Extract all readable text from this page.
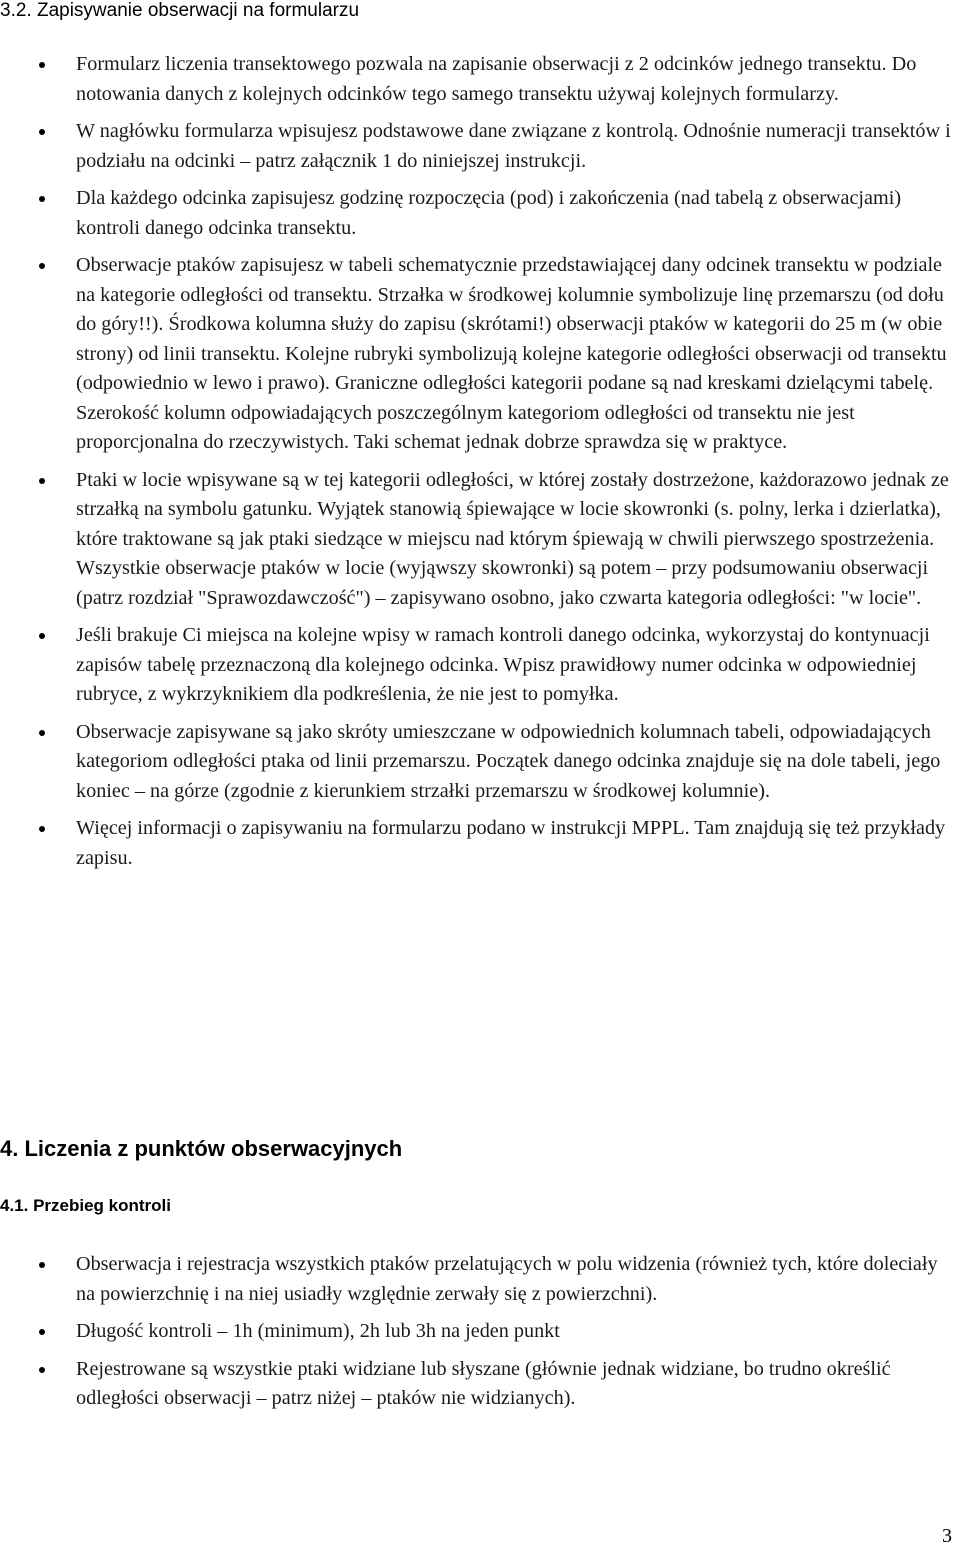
3.2. Zapisywanie obserwacji na formularzu
Formularz liczenia transektowego pozwala na zapisanie obserwacji z 2 odcinków jednego transektu. Do notowania danych z kolejnych odcinków tego samego transektu używaj kolejnych formularzy.
W nagłówku formularza wpisujesz podstawowe dane związane z kontrolą. Odnośnie numeracji transektów i podziału na odcinki – patrz załącznik 1 do niniejszej instrukcji.
Dla każdego odcinka zapisujesz godzinę rozpoczęcia (pod) i zakończenia (nad tabelą z obserwacjami) kontroli danego odcinka transektu.
Obserwacje ptaków zapisujesz w tabeli schematycznie przedstawiającej dany odcinek transektu w podziale na kategorie odległości od transektu. Strzałka w środkowej kolumnie symbolizuje linę przemarszu (od dołu do góry!!). Środkowa kolumna służy do zapisu (skrótami!) obserwacji ptaków w kategorii do 25 m (w obie strony) od linii transektu. Kolejne rubryki symbolizują kolejne kategorie odległości obserwacji od transektu (odpowiednio w lewo i prawo). Graniczne odległości kategorii podane są nad kreskami dzielącymi tabelę. Szerokość kolumn odpowiadających poszczególnym kategoriom odległości od transektu nie jest proporcjonalna do rzeczywistych. Taki schemat jednak dobrze sprawdza się w praktyce.
Ptaki w locie wpisywane są w tej kategorii odległości, w której zostały dostrzeżone, każdorazowo jednak ze strzałką na symbolu gatunku. Wyjątek stanowią śpiewające w locie skowronki (s. polny, lerka i dzierlatka), które traktowane są jak ptaki siedzące w miejscu nad którym śpiewają w chwili pierwszego spostrzeżenia. Wszystkie obserwacje ptaków w locie (wyjąwszy skowronki) są potem – przy podsumowaniu obserwacji (patrz rozdział "Sprawozdawczość") – zapisywano osobno, jako czwarta kategoria odległości: "w locie".
Jeśli brakuje Ci miejsca na kolejne wpisy w ramach kontroli danego odcinka, wykorzystaj do kontynuacji zapisów tabelę przeznaczoną dla kolejnego odcinka. Wpisz prawidłowy numer odcinka w odpowiedniej rubryce, z wykrzyknikiem dla podkreślenia, że nie jest to pomyłka.
Obserwacje zapisywane są jako skróty umieszczane w odpowiednich kolumnach tabeli, odpowiadających kategoriom odległości ptaka od linii przemarszu. Początek danego odcinka znajduje się na dole tabeli, jego koniec – na górze (zgodnie z kierunkiem strzałki przemarszu w środkowej kolumnie).
Więcej informacji o zapisywaniu na formularzu podano w instrukcji MPPL. Tam znajdują się też przykłady zapisu.
4. Liczenia z punktów obserwacyjnych
4.1. Przebieg kontroli
Obserwacja i rejestracja wszystkich ptaków przelatujących w polu widzenia (również tych, które doleciały na powierzchnię i na niej usiadły względnie zerwały się z powierzchni).
Długość kontroli – 1h (minimum), 2h lub 3h na jeden punkt
Rejestrowane są wszystkie ptaki widziane lub słyszane (głównie jednak widziane, bo trudno określić odległości obserwacji – patrz niżej – ptaków nie widzianych).
3
